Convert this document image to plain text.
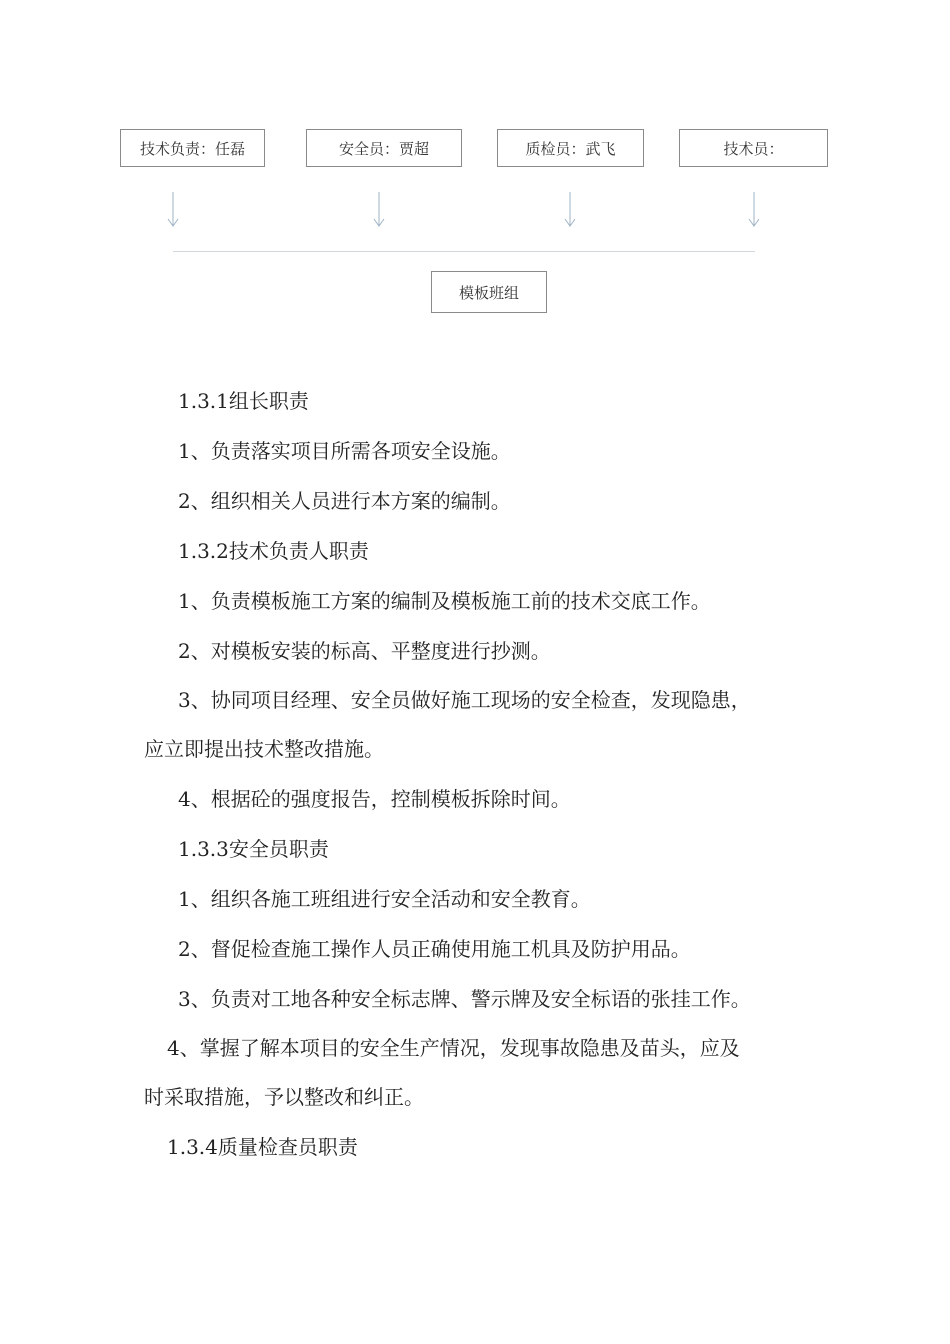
技术负责：任磊	安全员：贾超	质检员：武飞	技术员：
模板班组
1.3.1组长职责
1、负责落实项目所需各项安全设施。
2、组织相关人员进行本方案的编制。
1.3.2技术负责人职责
1、负责模板施工方案的编制及模板施工前的技术交底工作。
2、对模板安装的标高、平整度进行抄测。
3、协同项目经理、安全员做好施工现场的安全检查，发现隐患，
应立即提出技术整改措施。
4、根据砼的强度报告，控制模板拆除时间。
1.3.3安全员职责
1、组织各施工班组进行安全活动和安全教育。
2、督促检查施工操作人员正确使用施工机具及防护用品。
3、负责对工地各种安全标志牌、警示牌及安全标语的张挂工作。
4、掌握了解本项目的安全生产情况，发现事故隐患及苗头，应及
时采取措施，予以整改和纠正。
1.3.4质量检查员职责
